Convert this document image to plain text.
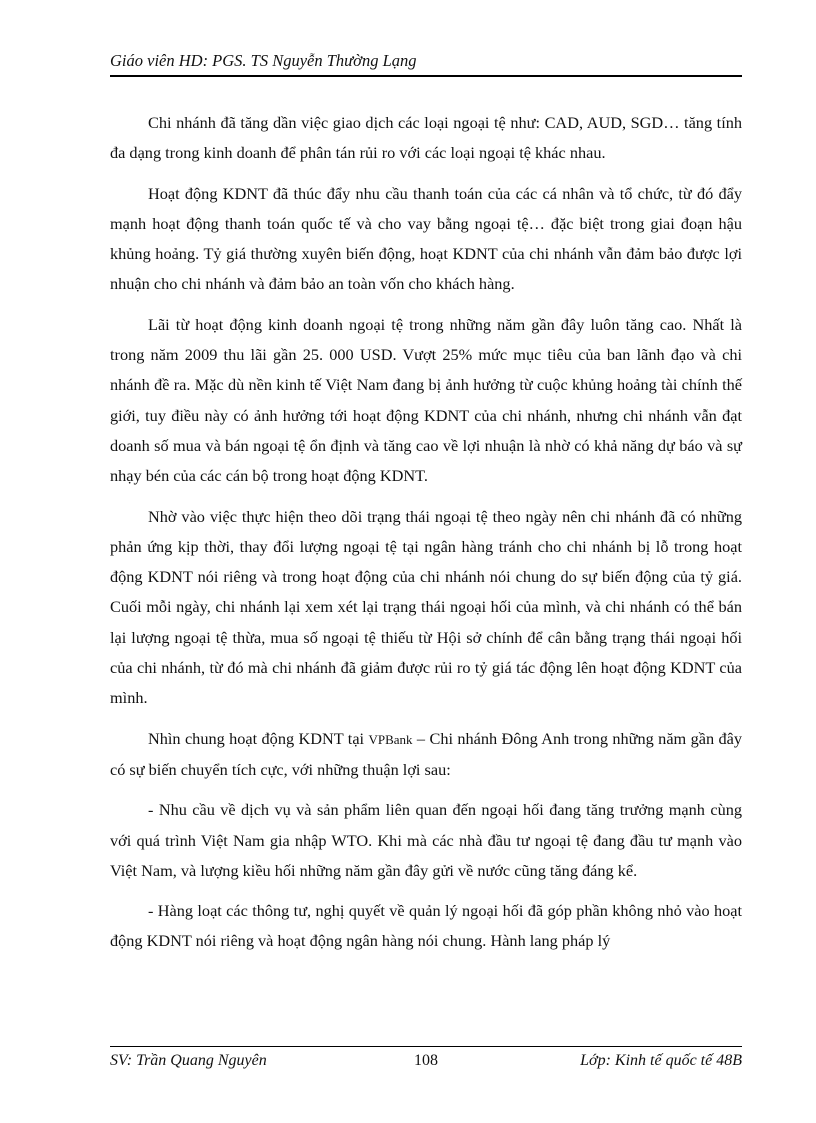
Giáo viên HD: PGS. TS Nguyễn Thường Lạng

Chi nhánh đã tăng dần việc giao dịch các loại ngoại tệ như: CAD, AUD, SGD… tăng tính đa dạng trong kinh doanh để phân tán rủi ro với các loại ngoại tệ khác nhau.

Hoạt động KDNT đã thúc đẩy nhu cầu thanh toán của các cá nhân và tổ chức, từ đó đẩy mạnh hoạt động thanh toán quốc tế và cho vay bằng ngoại tệ… đặc biệt trong giai đoạn hậu khủng hoảng. Tỷ giá thường xuyên biến động, hoạt KDNT của chi nhánh vẫn đảm bảo được lợi nhuận cho chi nhánh và đảm bảo an toàn vốn cho khách hàng.

Lãi từ hoạt động kinh doanh ngoại tệ trong những năm gần đây luôn tăng cao. Nhất là trong năm 2009 thu lãi gần 25. 000 USD. Vượt 25% mức mục tiêu của ban lãnh đạo và chi nhánh đề ra. Mặc dù nền kinh tế Việt Nam đang bị ảnh hưởng từ cuộc khủng hoảng tài chính thế giới, tuy điều này có ảnh hưởng tới hoạt động KDNT của chi nhánh, nhưng chi nhánh vẫn đạt doanh số mua và bán ngoại tệ ổn định và tăng cao về lợi nhuận là nhờ có khả năng dự báo và sự nhạy bén của các cán bộ trong hoạt động KDNT.

Nhờ vào việc thực hiện theo dõi trạng thái ngoại tệ theo ngày nên chi nhánh đã có những phản ứng kịp thời, thay đổi lượng ngoại tệ tại ngân hàng tránh cho chi nhánh bị lỗ trong hoạt động KDNT nói riêng và trong hoạt động của chi nhánh nói chung do sự biến động của tỷ giá. Cuối mỗi ngày, chi nhánh lại xem xét lại trạng thái ngoại hối của mình, và chi nhánh có thể bán lại lượng ngoại tệ thừa, mua số ngoại tệ thiếu từ Hội sở chính để cân bằng trạng thái ngoại hối của chi nhánh, từ đó mà chi nhánh đã giảm được rủi ro tỷ giá tác động lên hoạt động KDNT của mình.

Nhìn chung hoạt động KDNT tại VPBank – Chi nhánh Đông Anh trong những năm gần đây có sự biến chuyển tích cực, với những thuận lợi sau:

- Nhu cầu về dịch vụ và sản phẩm liên quan đến ngoại hối đang tăng trưởng mạnh cùng với quá trình Việt Nam gia nhập WTO. Khi mà các nhà đầu tư ngoại tệ đang đầu tư mạnh vào Việt Nam, và lượng kiều hối những năm gần đây gửi về nước cũng tăng đáng kể.

- Hàng loạt các thông tư, nghị quyết về quản lý ngoại hối đã góp phần không nhỏ vào hoạt động KDNT nói riêng và hoạt động ngân hàng nói chung. Hành lang pháp lý

SV: Trần Quang Nguyên	108	Lớp: Kinh tế quốc tế 48B
